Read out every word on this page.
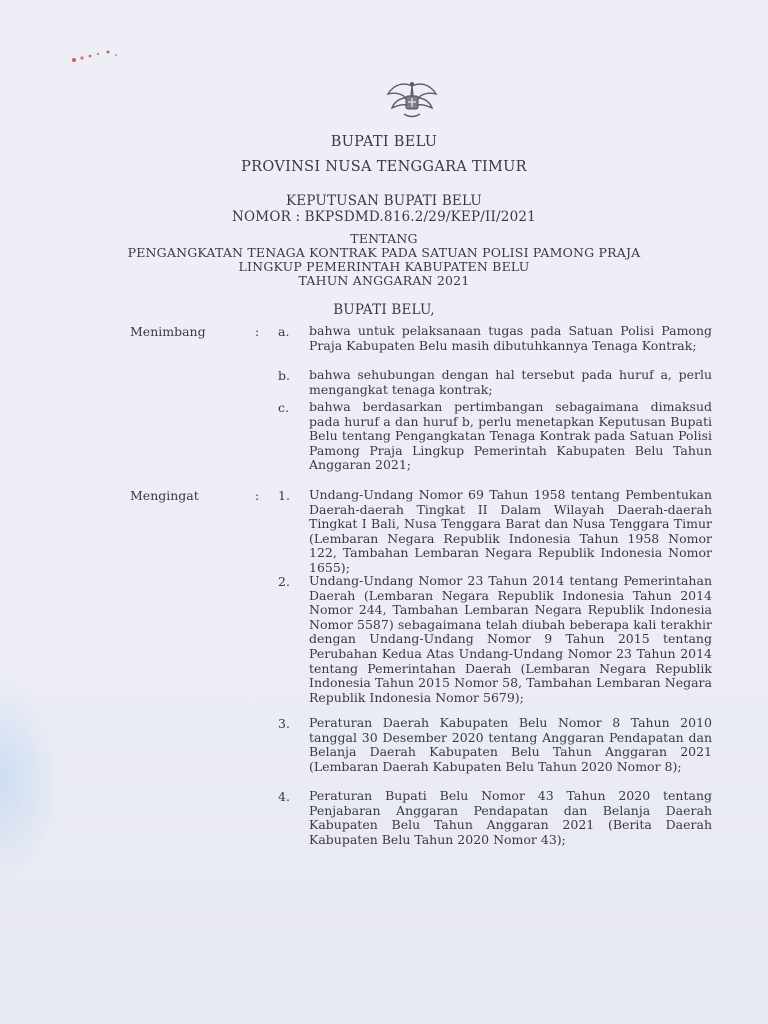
BUPATI BELU
PROVINSI NUSA TENGGARA TIMUR
KEPUTUSAN BUPATI BELU
NOMOR : BKPSDMD.816.2/29/KEP/II/2021
TENTANG
PENGANGKATAN TENAGA KONTRAK PADA SATUAN POLISI PAMONG PRAJA
LINGKUP PEMERINTAH KABUPATEN BELU
TAHUN ANGGARAN 2021
BUPATI BELU,
Menimbang	: a. bahwa untuk pelaksanaan tugas pada Satuan Polisi Pamong Praja Kabupaten Belu masih dibutuhkannya Tenaga Kontrak;
b. bahwa sehubungan dengan hal tersebut pada huruf a, perlu mengangkat tenaga kontrak;
c. bahwa berdasarkan pertimbangan sebagaimana dimaksud pada huruf a dan huruf b, perlu menetapkan Keputusan Bupati Belu tentang Pengangkatan Tenaga Kontrak pada Satuan Polisi Pamong Praja Lingkup Pemerintah Kabupaten Belu Tahun Anggaran 2021;
Mengingat	: 1. Undang-Undang Nomor 69 Tahun 1958 tentang Pembentukan Daerah-daerah Tingkat II Dalam Wilayah Daerah-daerah Tingkat I Bali, Nusa Tenggara Barat dan Nusa Tenggara Timur (Lembaran Negara Republik Indonesia Tahun 1958 Nomor 122, Tambahan Lembaran Negara Republik Indonesia Nomor 1655);
2. Undang-Undang Nomor 23 Tahun 2014 tentang Pemerintahan Daerah (Lembaran Negara Republik Indonesia Tahun 2014 Nomor 244, Tambahan Lembaran Negara Republik Indonesia Nomor 5587) sebagaimana telah diubah beberapa kali terakhir dengan Undang-Undang Nomor 9 Tahun 2015 tentang Perubahan Kedua Atas Undang-Undang Nomor 23 Tahun 2014 tentang Pemerintahan Daerah (Lembaran Negara Republik Indonesia Tahun 2015 Nomor 58, Tambahan Lembaran Negara Republik Indonesia Nomor 5679);
3. Peraturan Daerah Kabupaten Belu Nomor 8 Tahun 2010 tanggal 30 Desember 2020 tentang Anggaran Pendapatan dan Belanja Daerah Kabupaten Belu Tahun Anggaran 2021 (Lembaran Daerah Kabupaten Belu Tahun 2020 Nomor 8);
4. Peraturan Bupati Belu Nomor 43 Tahun 2020 tentang Penjabaran Anggaran Pendapatan dan Belanja Daerah Kabupaten Belu Tahun Anggaran 2021 (Berita Daerah Kabupaten Belu Tahun 2020 Nomor 43);
